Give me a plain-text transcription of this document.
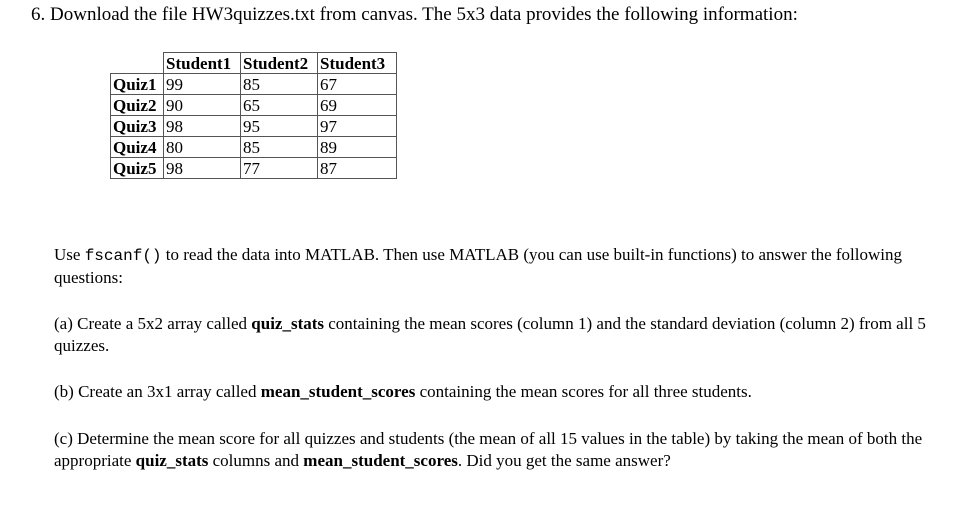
6. Download the file HW3quizzes.txt from canvas. The 5x3 data provides the following information:
	Student1	Student2	Student3
Quiz1	99	85	67
Quiz2	90	65	69
Quiz3	98	95	97
Quiz4	80	85	89
Quiz5	98	77	87
Use fscanf() to read the data into MATLAB. Then use MATLAB (you can use built-in functions) to answer the following questions:
(a) Create a 5x2 array called quiz_stats containing the mean scores (column 1) and the standard deviation (column 2) from all 5 quizzes.
(b) Create an 3x1 array called mean_student_scores containing the mean scores for all three students.
(c) Determine the mean score for all quizzes and students (the mean of all 15 values in the table) by taking the mean of both the appropriate quiz_stats columns and mean_student_scores. Did you get the same answer?
